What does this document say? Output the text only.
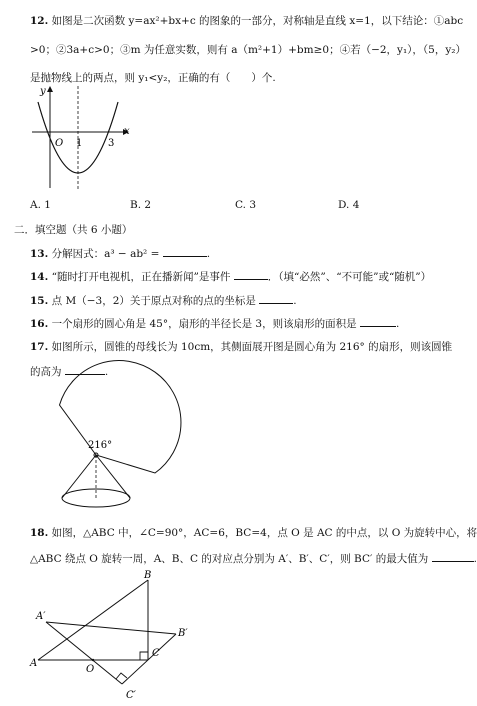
12. 如图是二次函数 y=ax²+bx+c 的图象的一部分，对称轴是直线 x=1，以下结论：①abc
>0；②3a+c>0；③m 为任意实数，则有 a（m²+1）+bm≥0；④若（−2，y₁），（5，y₂）
是抛物线上的两点，则 y₁<y₂，正确的有（　　）个.
y
x
O 1	3
A. 1	B. 2	C. 3	D. 4
二．填空题（共 6 小题）
13. 分解因式：a³ − ab² =	.
14. “随时打开电视机，正在播新闻”是事件	．（填“必然”、“不可能”或“随机”）
15. 点 M（−3，2）关于原点对称的点的坐标是	.
16. 一个扇形的圆心角是 45°，扇形的半径长是 3，则该扇形的面积是	.
17. 如图所示，圆锥的母线长为 10cm，其侧面展开图是圆心角为 216° 的扇形，则该圆锥
的高为	.
216°
18. 如图，△ABC 中，∠C=90°，AC=6，BC=4，点 O 是 AC 的中点，以 O 为旋转中心，将
△ABC 绕点 O 旋转一周，A、B、C 的对应点分别为 A′、B′、C′，则 BC′ 的最大值为	.
B
A′
B′
C
A
O
C′
